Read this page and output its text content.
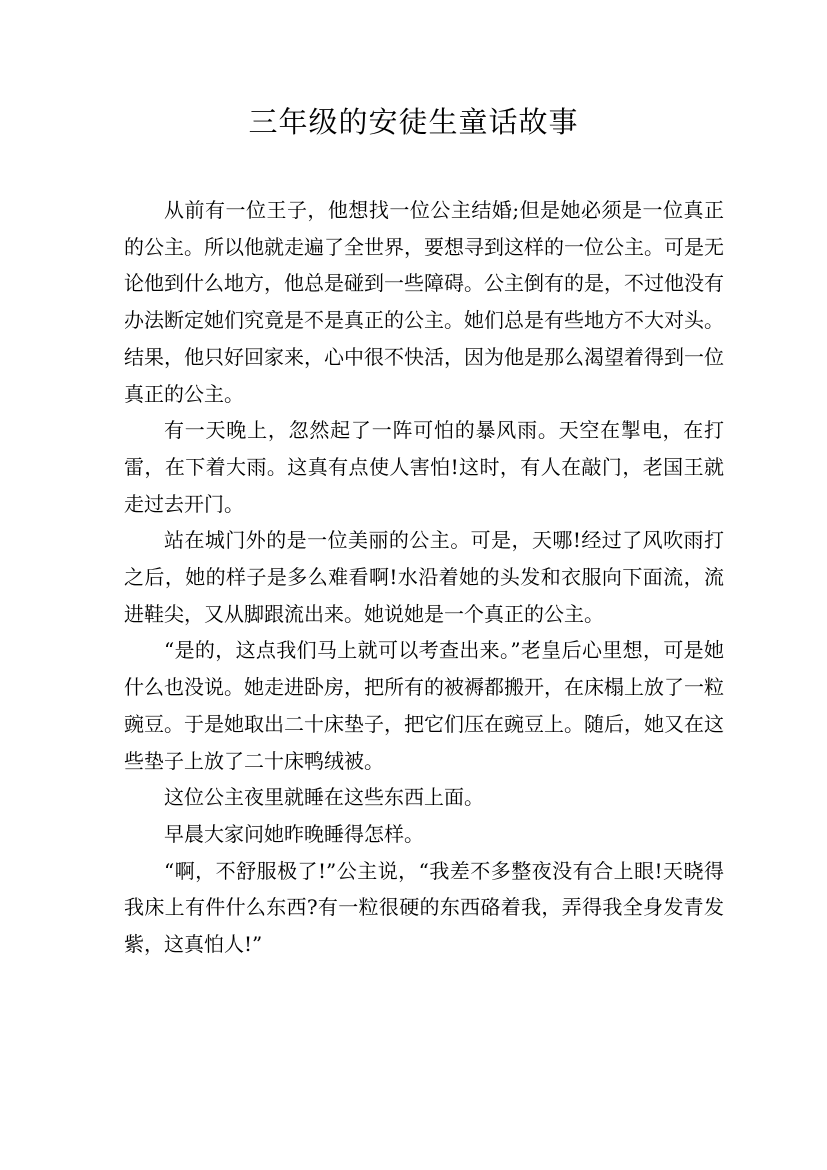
三年级的安徒生童话故事

从前有一位王子，他想找一位公主结婚;但是她必须是一位真正的公主。所以他就走遍了全世界，要想寻到这样的一位公主。可是无论他到什么地方，他总是碰到一些障碍。公主倒有的是，不过他没有办法断定她们究竟是不是真正的公主。她们总是有些地方不大对头。结果，他只好回家来，心中很不快活，因为他是那么渴望着得到一位真正的公主。

有一天晚上，忽然起了一阵可怕的暴风雨。天空在掣电，在打雷，在下着大雨。这真有点使人害怕!这时，有人在敲门，老国王就走过去开门。

站在城门外的是一位美丽的公主。可是，天哪!经过了风吹雨打之后，她的样子是多么难看啊!水沿着她的头发和衣服向下面流，流进鞋尖，又从脚跟流出来。她说她是一个真正的公主。

“是的，这点我们马上就可以考查出来。”老皇后心里想，可是她什么也没说。她走进卧房，把所有的被褥都搬开，在床榻上放了一粒豌豆。于是她取出二十床垫子，把它们压在豌豆上。随后，她又在这些垫子上放了二十床鸭绒被。

这位公主夜里就睡在这些东西上面。

早晨大家问她昨晚睡得怎样。

“啊，不舒服极了!”公主说，“我差不多整夜没有合上眼!天晓得我床上有件什么东西?有一粒很硬的东西硌着我，弄得我全身发青发紫，这真怕人!”
